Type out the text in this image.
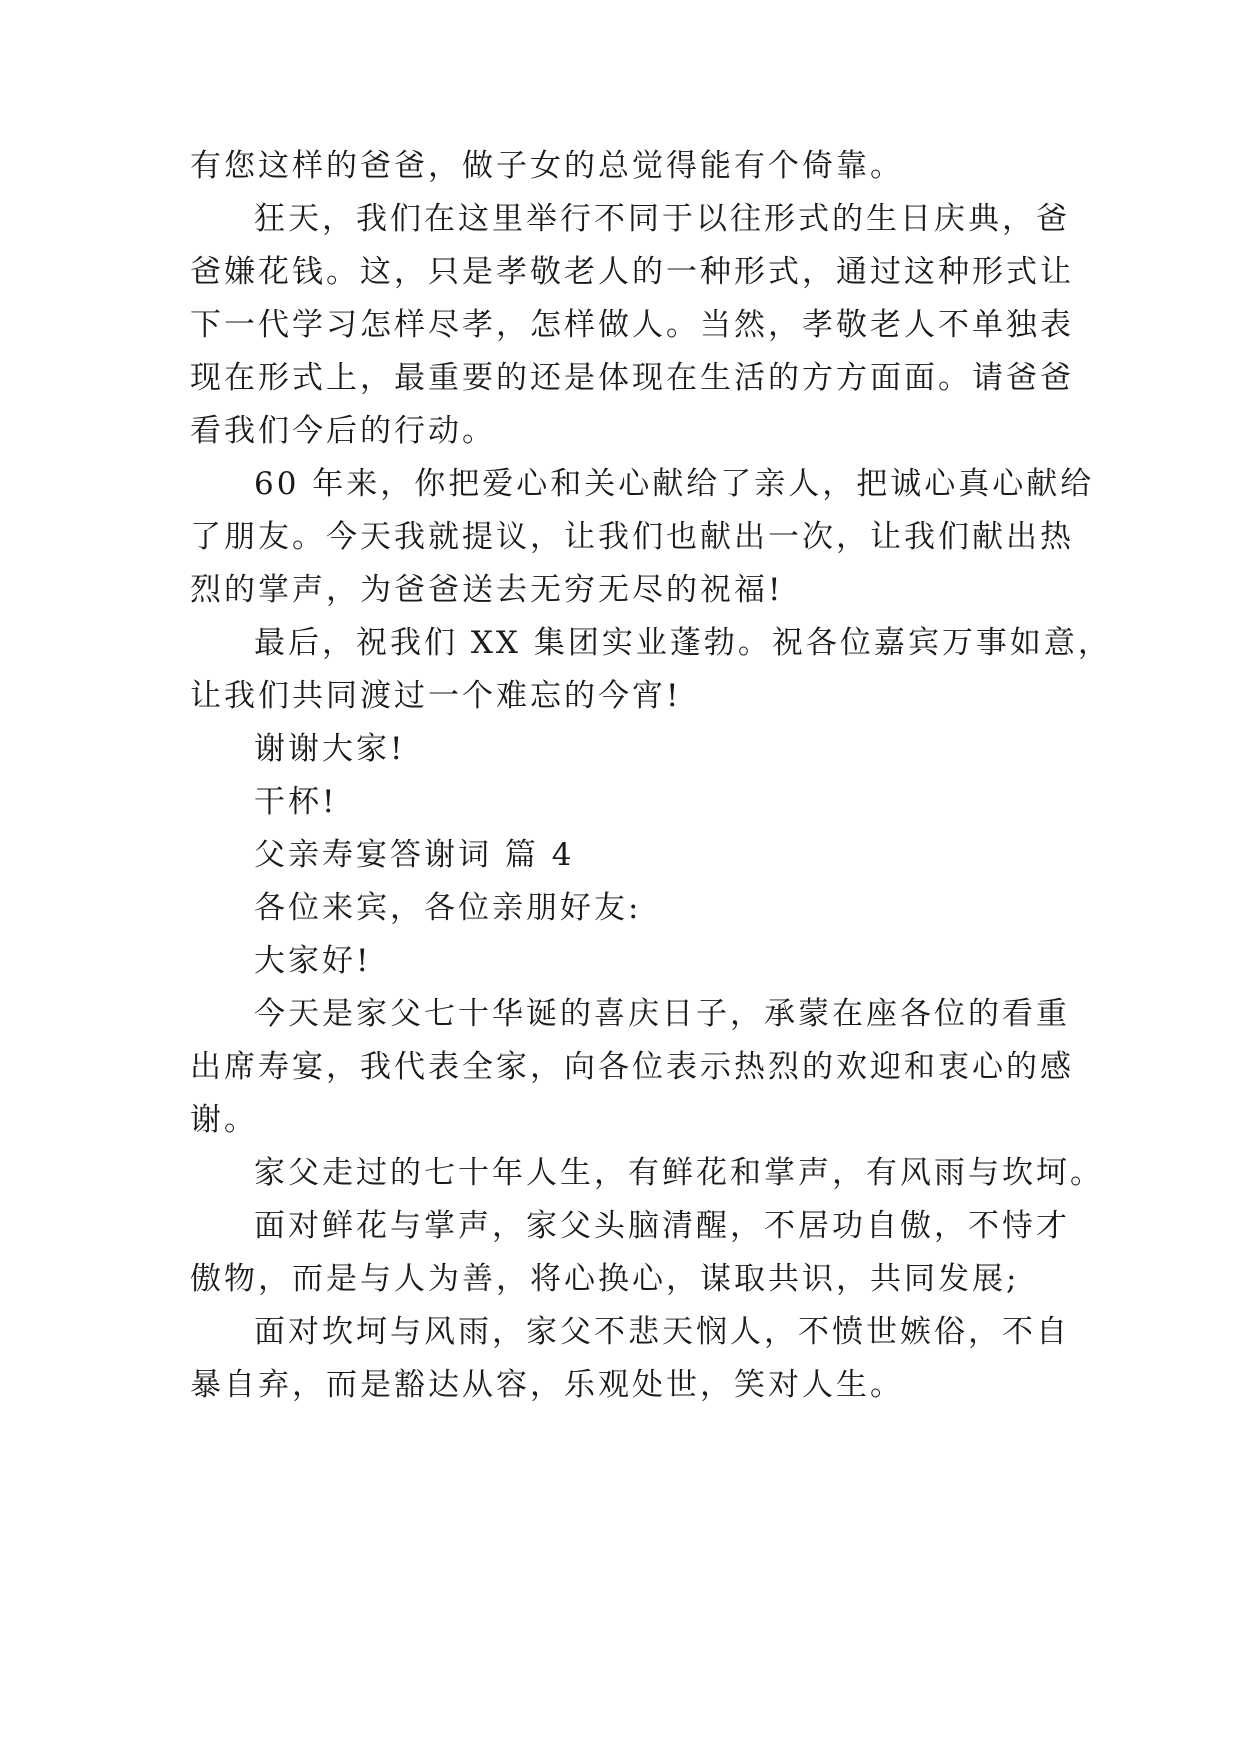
有您这样的爸爸，做子女的总觉得能有个倚靠。
狂天，我们在这里举行不同于以往形式的生日庆典，爸
爸嫌花钱。这，只是孝敬老人的一种形式，通过这种形式让
下一代学习怎样尽孝，怎样做人。当然，孝敬老人不单独表
现在形式上，最重要的还是体现在生活的方方面面。请爸爸
看我们今后的行动。
60 年来，你把爱心和关心献给了亲人，把诚心真心献给
了朋友。今天我就提议，让我们也献出一次，让我们献出热
烈的掌声，为爸爸送去无穷无尽的祝福!
最后，祝我们 XX 集团实业蓬勃。祝各位嘉宾万事如意，
让我们共同渡过一个难忘的今宵!
谢谢大家!
干杯!
父亲寿宴答谢词 篇 4
各位来宾，各位亲朋好友:
大家好!
今天是家父七十华诞的喜庆日子，承蒙在座各位的看重
出席寿宴，我代表全家，向各位表示热烈的欢迎和衷心的感
谢。
家父走过的七十年人生，有鲜花和掌声，有风雨与坎坷。
面对鲜花与掌声，家父头脑清醒，不居功自傲，不恃才
傲物，而是与人为善，将心换心，谋取共识，共同发展;
面对坎坷与风雨，家父不悲天悯人，不愤世嫉俗，不自
暴自弃，而是豁达从容，乐观处世，笑对人生。
